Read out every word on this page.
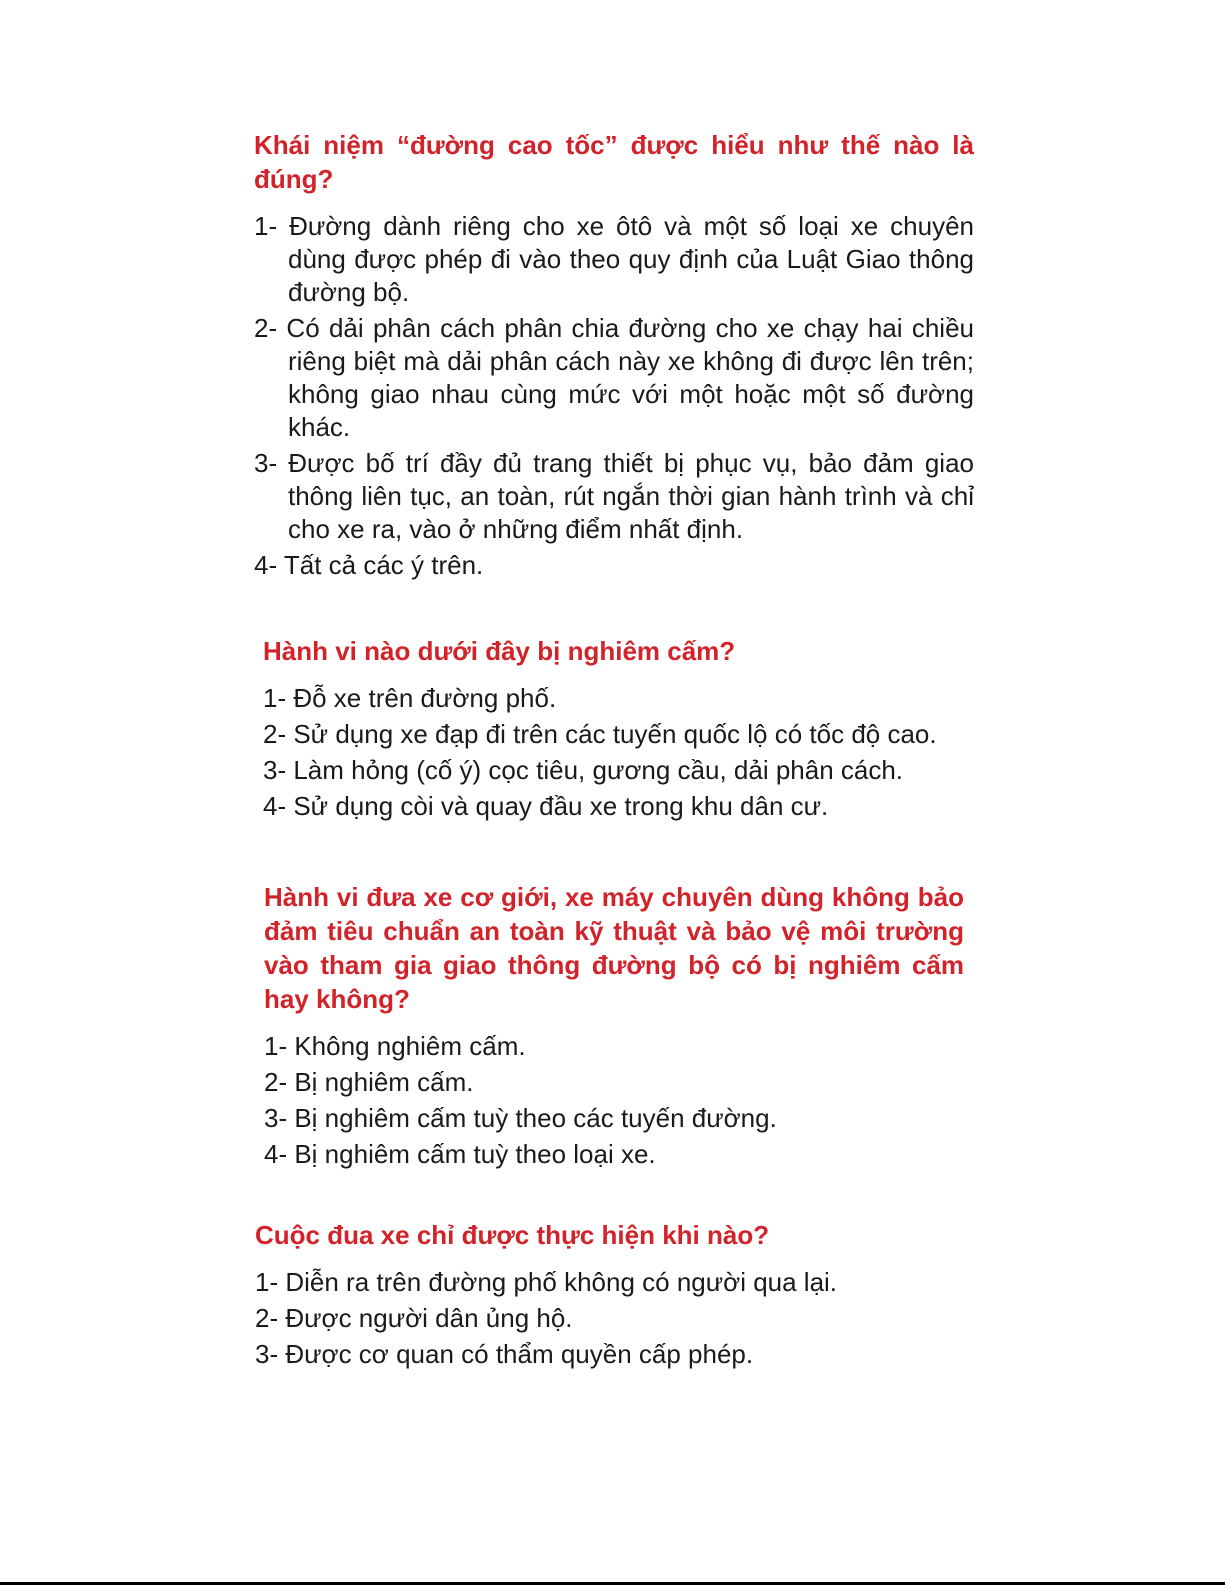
Khái niệm “đường cao tốc” được hiểu như thế nào là đúng?
1- Đường dành riêng cho xe ôtô và một số loại xe chuyên dùng được phép đi vào theo quy định của Luật Giao thông đường bộ.
2- Có dải phân cách phân chia đường cho xe chạy hai chiều riêng biệt mà dải phân cách này xe không đi được lên trên; không giao nhau cùng mức với một hoặc một số đường khác.
3- Được bố trí đầy đủ trang thiết bị phục vụ, bảo đảm giao thông liên tục, an toàn, rút ngắn thời gian hành trình và chỉ cho xe ra, vào ở những điểm nhất định.
4- Tất cả các ý trên.
Hành vi nào dưới đây bị nghiêm cấm?
1- Đỗ xe trên đường phố.
2- Sử dụng xe đạp đi trên các tuyến quốc lộ có tốc độ cao.
3- Làm hỏng (cố ý) cọc tiêu, gương cầu, dải phân cách.
4- Sử dụng còi và quay đầu xe trong khu dân cư.
Hành vi đưa xe cơ giới, xe máy chuyên dùng không bảo đảm tiêu chuẩn an toàn kỹ thuật và bảo vệ môi trường vào tham gia giao thông đường bộ có bị nghiêm cấm hay không?
1- Không nghiêm cấm.
2- Bị nghiêm cấm.
3- Bị nghiêm cấm tuỳ theo các tuyến đường.
4- Bị nghiêm cấm tuỳ theo loại xe.
Cuộc đua xe chỉ được thực hiện khi nào?
1- Diễn ra trên đường phố không có người qua lại.
2- Được người dân ủng hộ.
3- Được cơ quan có thẩm quyền cấp phép.
